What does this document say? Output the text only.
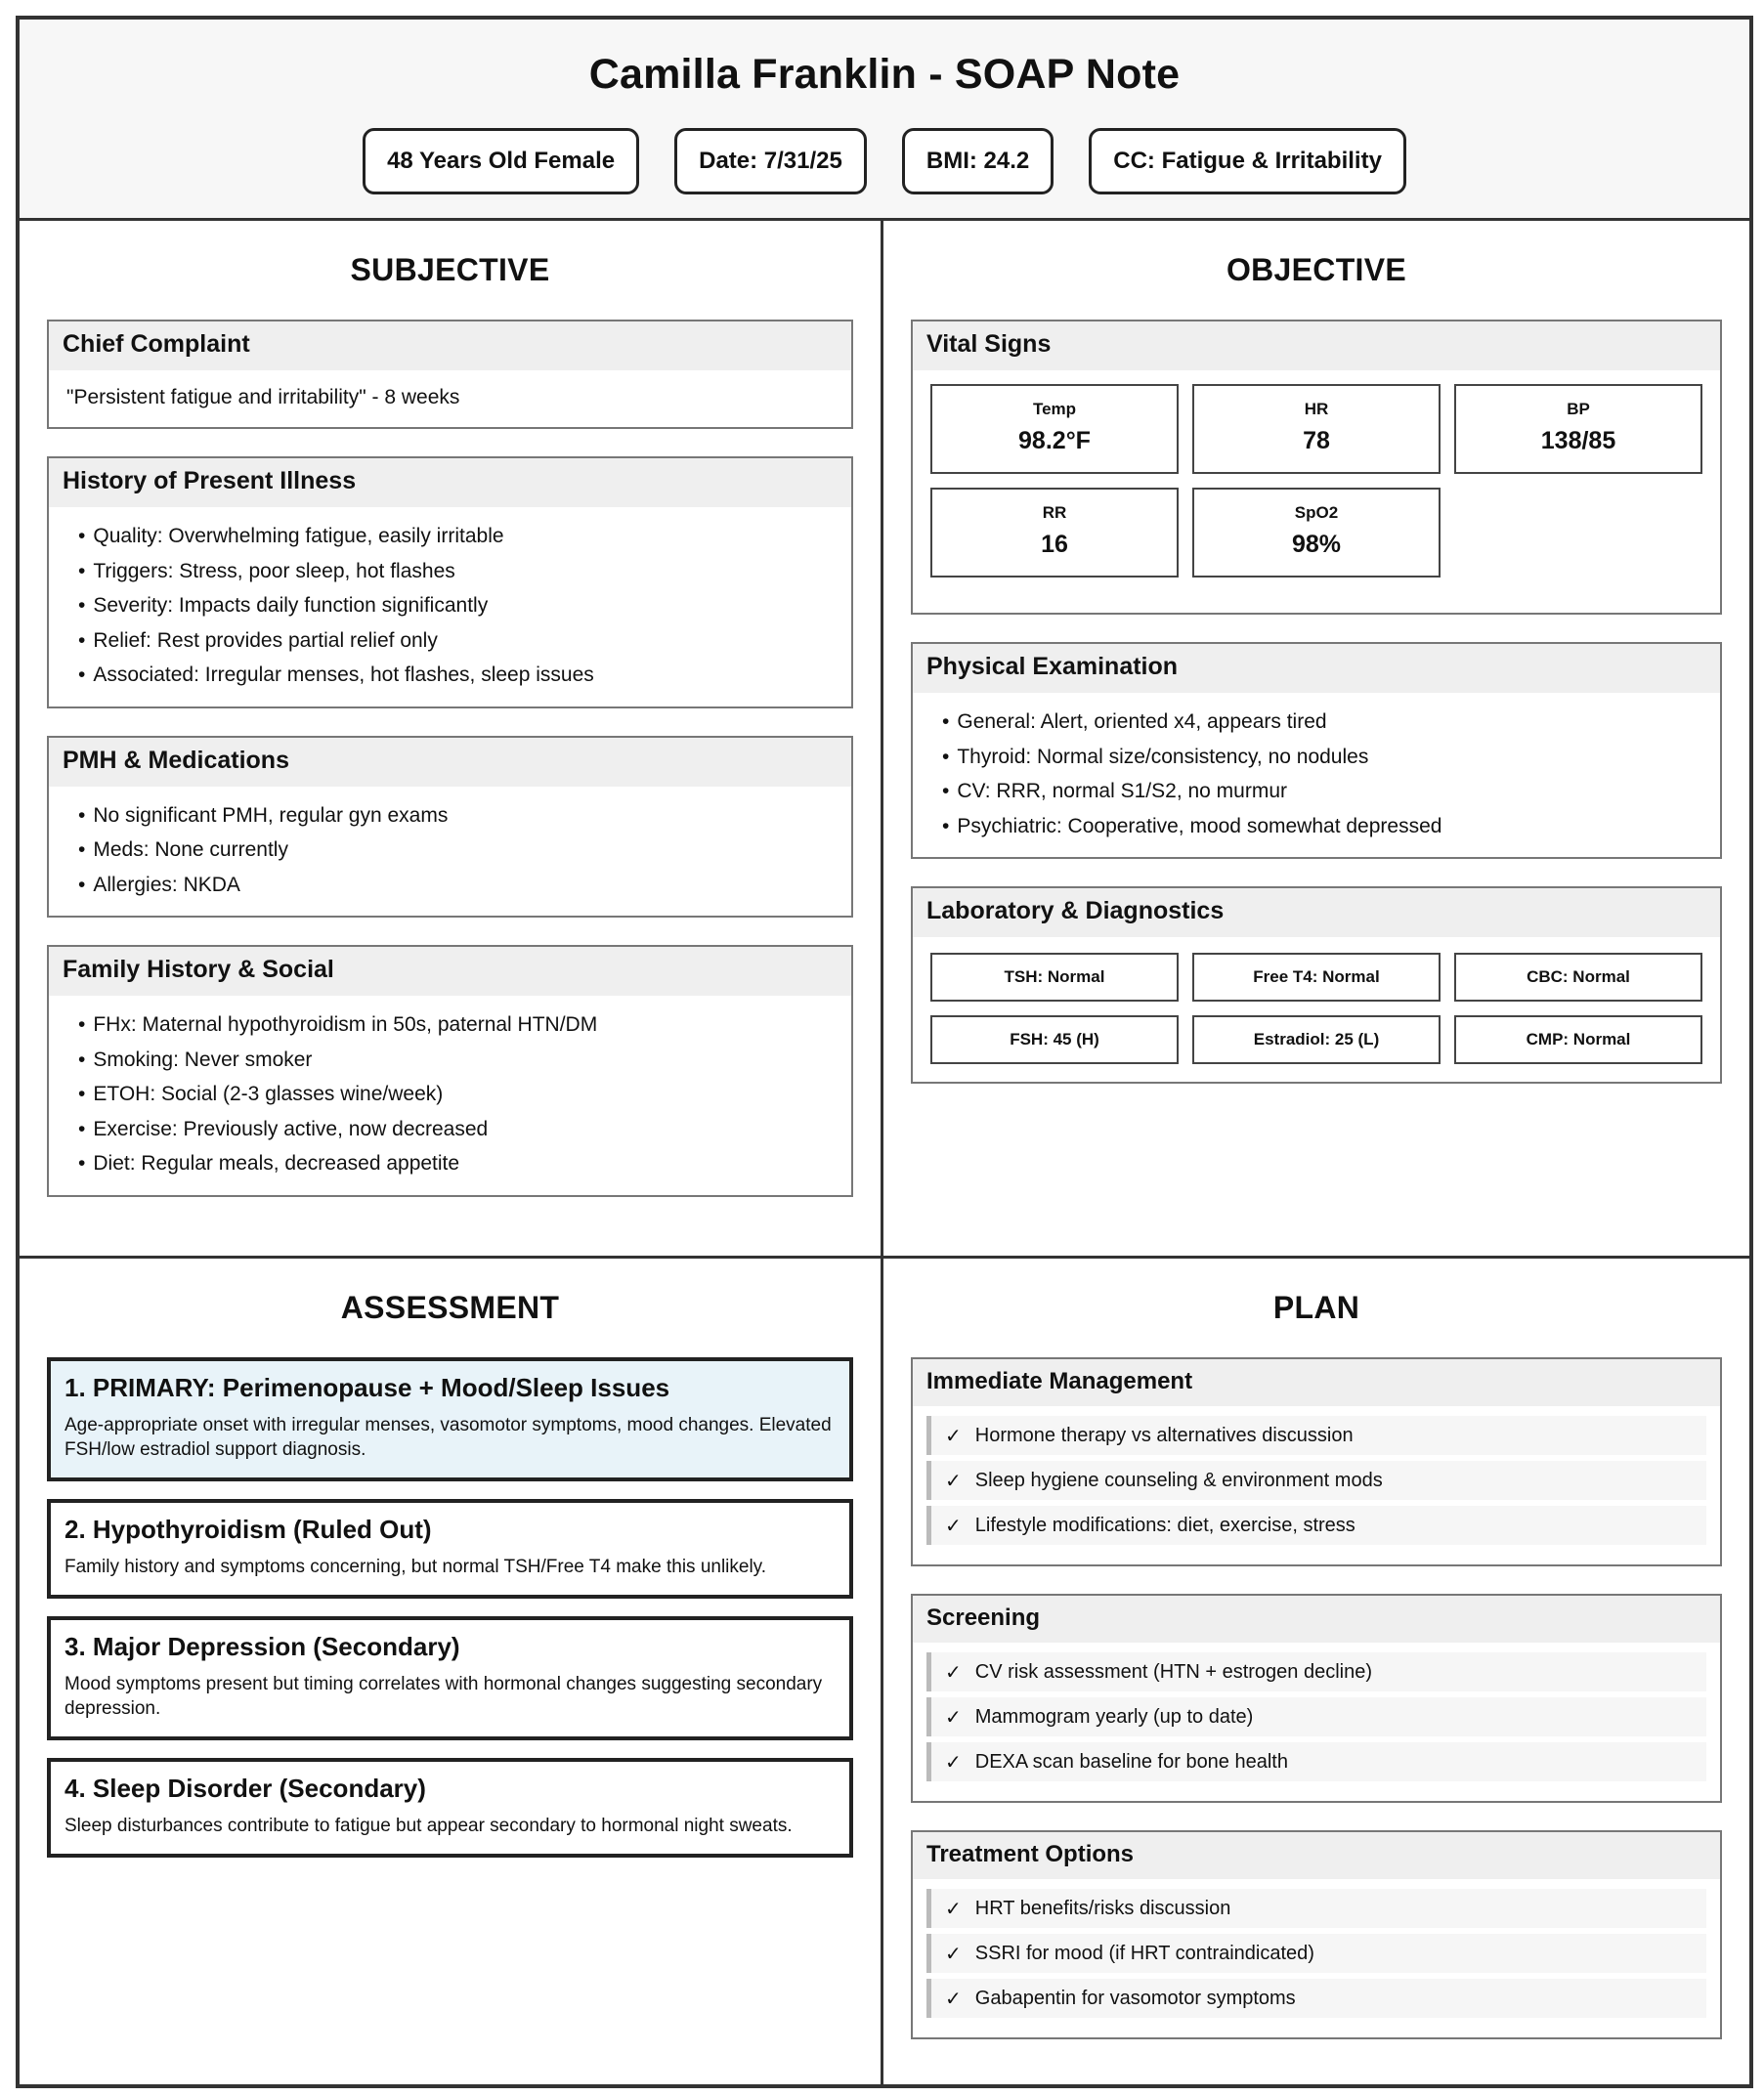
Camilla Franklin - SOAP Note
48 Years Old Female	Date: 7/31/25	BMI: 24.2	CC: Fatigue & Irritability
SUBJECTIVE
Chief Complaint
"Persistent fatigue and irritability" - 8 weeks
History of Present Illness
• Quality: Overwhelming fatigue, easily irritable
• Triggers: Stress, poor sleep, hot flashes
• Severity: Impacts daily function significantly
• Relief: Rest provides partial relief only
• Associated: Irregular menses, hot flashes, sleep issues
PMH & Medications
• No significant PMH, regular gyn exams
• Meds: None currently
• Allergies: NKDA
Family History & Social
• FHx: Maternal hypothyroidism in 50s, paternal HTN/DM
• Smoking: Never smoker
• ETOH: Social (2-3 glasses wine/week)
• Exercise: Previously active, now decreased
• Diet: Regular meals, decreased appetite
OBJECTIVE
Vital Signs
Temp
98.2°F
HR
78
BP
138/85
RR
16
SpO2
98%
Physical Examination
• General: Alert, oriented x4, appears tired
• Thyroid: Normal size/consistency, no nodules
• CV: RRR, normal S1/S2, no murmur
• Psychiatric: Cooperative, mood somewhat depressed
Laboratory & Diagnostics
TSH: Normal	Free T4: Normal	CBC: Normal
FSH: 45 (H)	Estradiol: 25 (L)	CMP: Normal
ASSESSMENT
1. PRIMARY: Perimenopause + Mood/Sleep Issues
Age-appropriate onset with irregular menses, vasomotor symptoms, mood changes. Elevated FSH/low estradiol support diagnosis.
2. Hypothyroidism (Ruled Out)
Family history and symptoms concerning, but normal TSH/Free T4 make this unlikely.
3. Major Depression (Secondary)
Mood symptoms present but timing correlates with hormonal changes suggesting secondary depression.
4. Sleep Disorder (Secondary)
Sleep disturbances contribute to fatigue but appear secondary to hormonal night sweats.
PLAN
Immediate Management
✓ Hormone therapy vs alternatives discussion
✓ Sleep hygiene counseling & environment mods
✓ Lifestyle modifications: diet, exercise, stress
Screening
✓ CV risk assessment (HTN + estrogen decline)
✓ Mammogram yearly (up to date)
✓ DEXA scan baseline for bone health
Treatment Options
✓ HRT benefits/risks discussion
✓ SSRI for mood (if HRT contraindicated)
✓ Gabapentin for vasomotor symptoms
